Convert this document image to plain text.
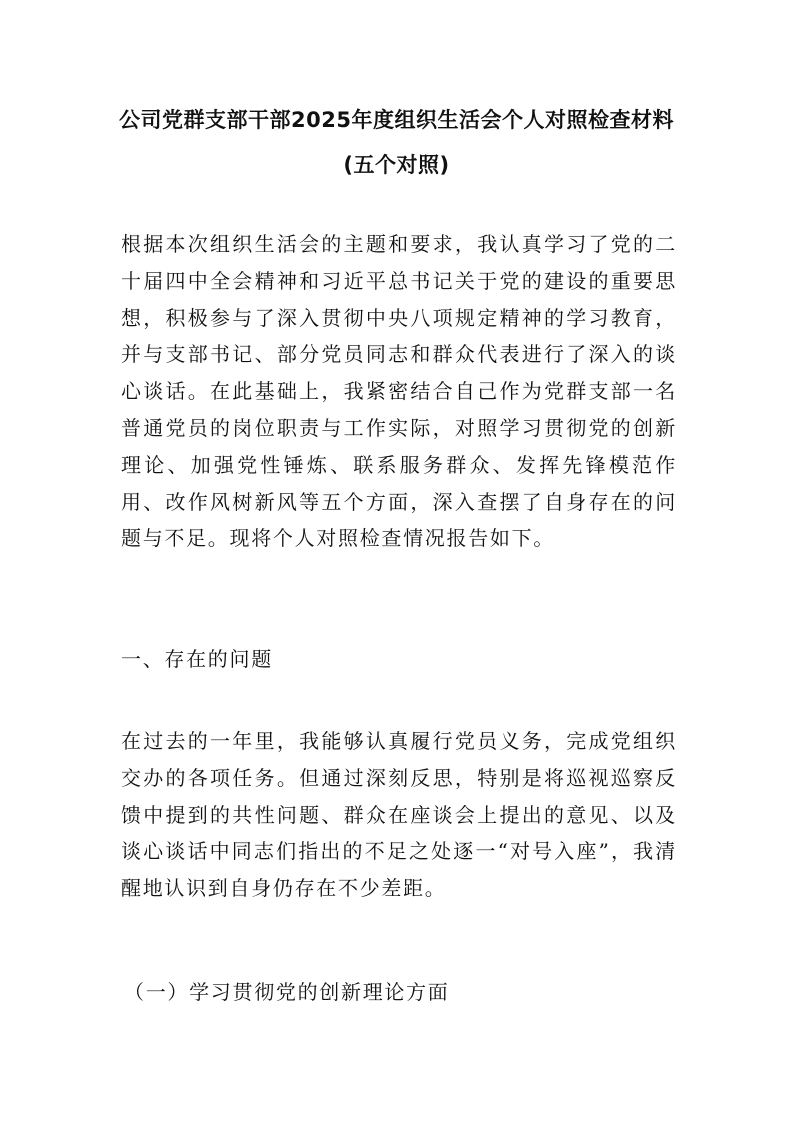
公司党群支部干部2025年度组织生活会个人对照检查材料(五个对照)

根据本次组织生活会的主题和要求，我认真学习了党的二十届四中全会精神和习近平总书记关于党的建设的重要思想，积极参与了深入贯彻中央八项规定精神的学习教育，并与支部书记、部分党员同志和群众代表进行了深入的谈心谈话。在此基础上，我紧密结合自己作为党群支部一名普通党员的岗位职责与工作实际，对照学习贯彻党的创新理论、加强党性锤炼、联系服务群众、发挥先锋模范作用、改作风树新风等五个方面，深入查摆了自身存在的问题与不足。现将个人对照检查情况报告如下。

一、存在的问题

在过去的一年里，我能够认真履行党员义务，完成党组织交办的各项任务。但通过深刻反思，特别是将巡视巡察反馈中提到的共性问题、群众在座谈会上提出的意见、以及谈心谈话中同志们指出的不足之处逐一“对号入座”，我清醒地认识到自身仍存在不少差距。

（一）学习贯彻党的创新理论方面
